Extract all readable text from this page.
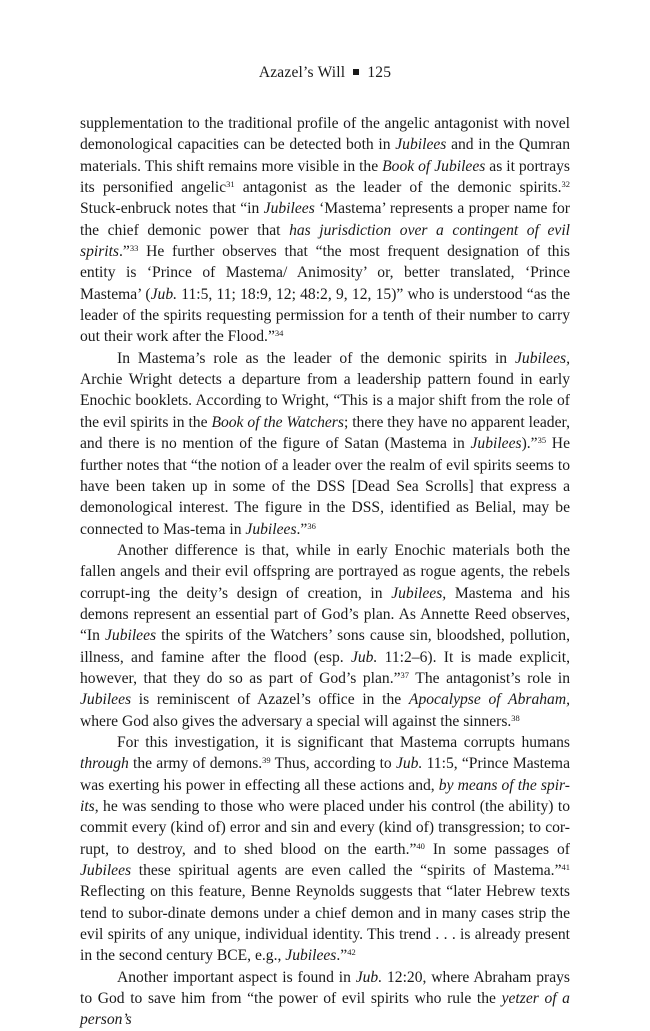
Azazel’s Will 125

supplementation to the traditional profile of the angelic antagonist with novel demonological capacities can be detected both in Jubilees and in the Qumran materials. This shift remains more visible in the Book of Jubilees as it portrays its personified angelic$^{31}$ antagonist as the leader of the demonic spirits.$^{32}$ Stuck-enbruck notes that “in Jubilees ‘Mastema’ represents a proper name for the chief demonic power that has jurisdiction over a contingent of evil spirits.”$^{33}$ He further observes that “the most frequent designation of this entity is ‘Prince of Mastema/ Animosity’ or, better translated, ‘Prince Mastema’ (Jub. 11:5, 11; 18:9, 12; 48:2, 9, 12, 15)” who is understood “as the leader of the spirits requesting permission for a tenth of their number to carry out their work after the Flood.”$^{34}$

In Mastema’s role as the leader of the demonic spirits in Jubilees, Archie Wright detects a departure from a leadership pattern found in early Enochic booklets. According to Wright, “This is a major shift from the role of the evil spirits in the Book of the Watchers; there they have no apparent leader, and there is no mention of the figure of Satan (Mastema in Jubilees).”$^{35}$ He further notes that “the notion of a leader over the realm of evil spirits seems to have been taken up in some of the DSS [Dead Sea Scrolls] that express a demonological interest. The figure in the DSS, identified as Belial, may be connected to Mas-tema in Jubilees.”$^{36}$

Another difference is that, while in early Enochic materials both the fallen angels and their evil offspring are portrayed as rogue agents, the rebels corrupt-ing the deity’s design of creation, in Jubilees, Mastema and his demons represent an essential part of God’s plan. As Annette Reed observes, “In Jubilees the spirits of the Watchers’ sons cause sin, bloodshed, pollution, illness, and famine after the flood (esp. Jub. 11:2–6). It is made explicit, however, that they do so as part of God’s plan.”$^{37}$ The antagonist’s role in Jubilees is reminiscent of Azazel’s office in the Apocalypse of Abraham, where God also gives the adversary a special will against the sinners.$^{38}$

For this investigation, it is significant that Mastema corrupts humans through the army of demons.$^{39}$ Thus, according to Jub. 11:5, “Prince Mastema was exerting his power in effecting all these actions and, by means of the spir-its, he was sending to those who were placed under his control (the ability) to commit every (kind of) error and sin and every (kind of) transgression; to cor-rupt, to destroy, and to shed blood on the earth.”$^{40}$ In some passages of Jubilees these spiritual agents are even called the “spirits of Mastema.”$^{41}$ Reflecting on this feature, Benne Reynolds suggests that “later Hebrew texts tend to subor-dinate demons under a chief demon and in many cases strip the evil spirits of any unique, individual identity. This trend . . . is already present in the second century BCE, e.g., Jubilees.”$^{42}$

Another important aspect is found in Jub. 12:20, where Abraham prays to God to save him from “the power of evil spirits who rule the yetzer of a person’s
